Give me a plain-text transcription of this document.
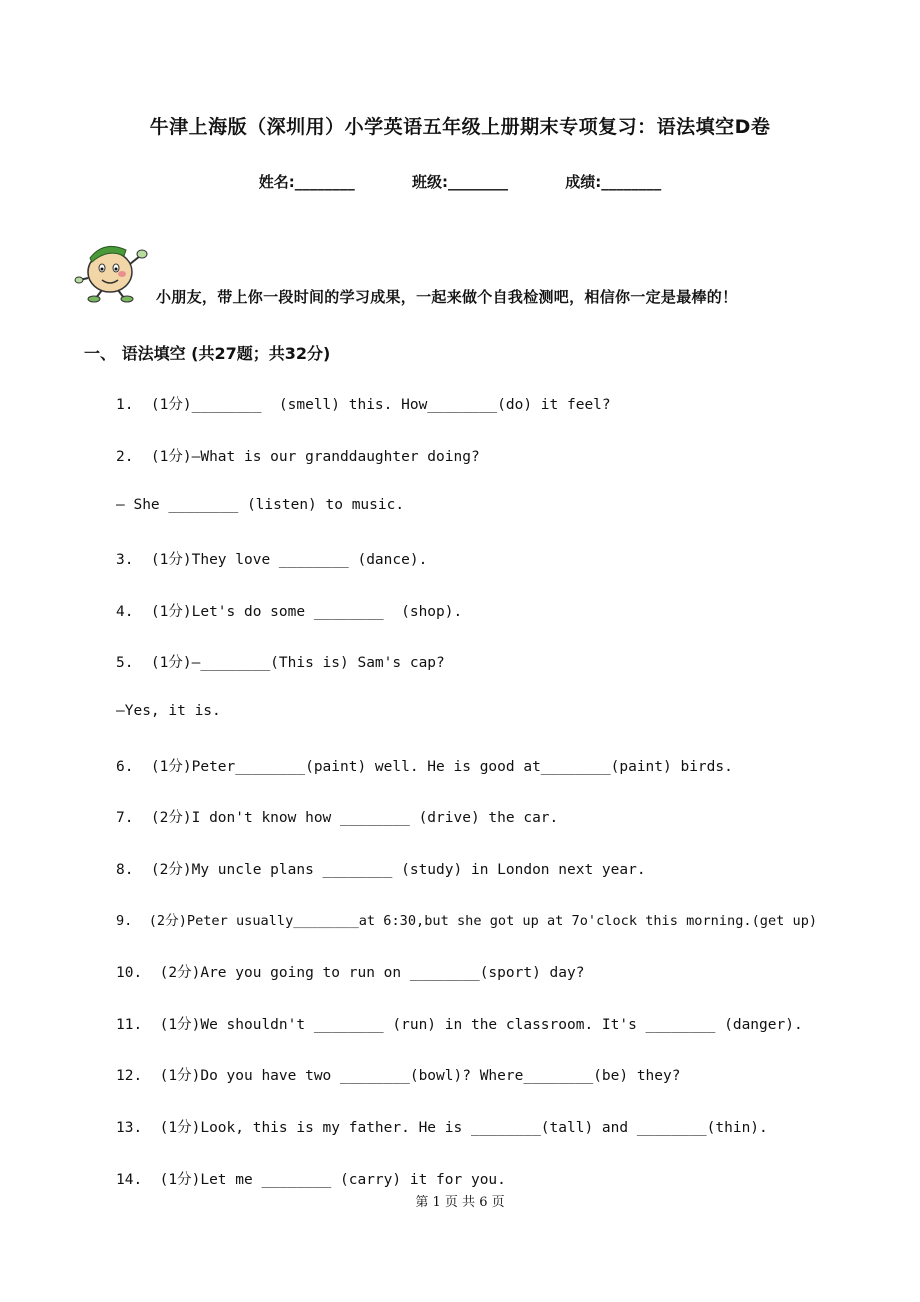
牛津上海版（深圳用）小学英语五年级上册期末专项复习：语法填空D卷
姓名:________	班级:________	成绩:________
小朋友，带上你一段时间的学习成果，一起来做个自我检测吧，相信你一定是最棒的！
一、 语法填空 (共27题；共32分)
1.  (1分)________  (smell) this. How________(do) it feel?
2.  (1分)—What is our granddaughter doing?
— She ________ (listen) to music.
3.  (1分)They love ________ (dance).
4.  (1分)Let's do some ________  (shop).
5.  (1分)—________(This is) Sam's cap?
—Yes, it is.
6.  (1分)Peter________(paint) well. He is good at________(paint) birds.
7.  (2分)I don't know how ________ (drive) the car.
8.  (2分)My uncle plans ________ (study) in London next year.
9.  (2分)Peter usually________at 6:30,but she got up at 7o'clock this morning.(get up)
10.  (2分)Are you going to run on ________(sport) day?
11.  (1分)We shouldn't ________ (run) in the classroom. It's ________ (danger).
12.  (1分)Do you have two ________(bowl)? Where________(be) they?
13.  (1分)Look, this is my father. He is ________(tall) and ________(thin).
14.  (1分)Let me ________ (carry) it for you.
第 1 页 共 6 页
